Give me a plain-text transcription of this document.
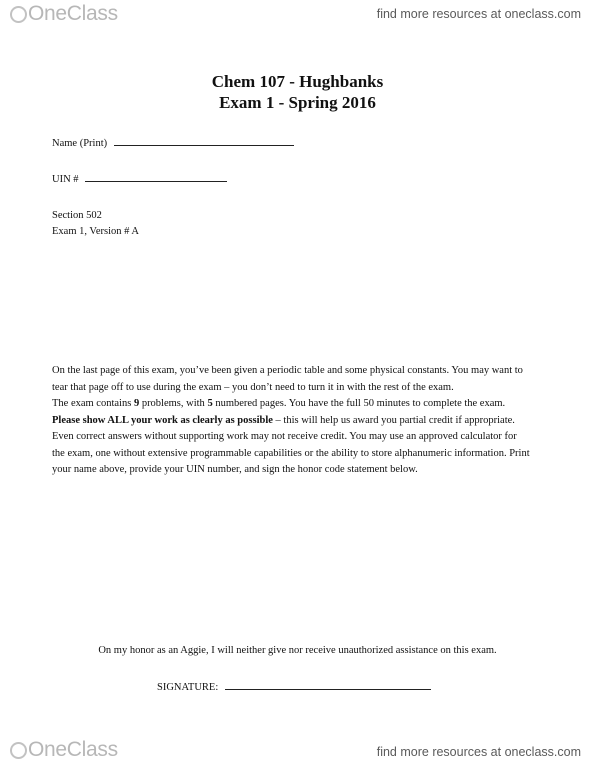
OneClass	find more resources at oneclass.com
Chem 107 - Hughbanks
Exam 1 - Spring 2016
Name (Print)
UIN #
Section 502
Exam 1, Version # A

On the last page of this exam, you’ve been given a periodic table and some physical constants. You may want to tear that page off to use during the exam – you don’t need to turn it in with the rest of the exam.

The exam contains 9 problems, with 5 numbered pages. You have the full 50 minutes to complete the exam. Please show ALL your work as clearly as possible – this will help us award you partial credit if appropriate. Even correct answers without supporting work may not receive credit. You may use an approved calculator for the exam, one without extensive programmable capabilities or the ability to store alphanumeric information. Print your name above, provide your UIN number, and sign the honor code statement below.

On my honor as an Aggie, I will neither give nor receive unauthorized assistance on this exam.
SIGNATURE:
OneClass	find more resources at oneclass.com
